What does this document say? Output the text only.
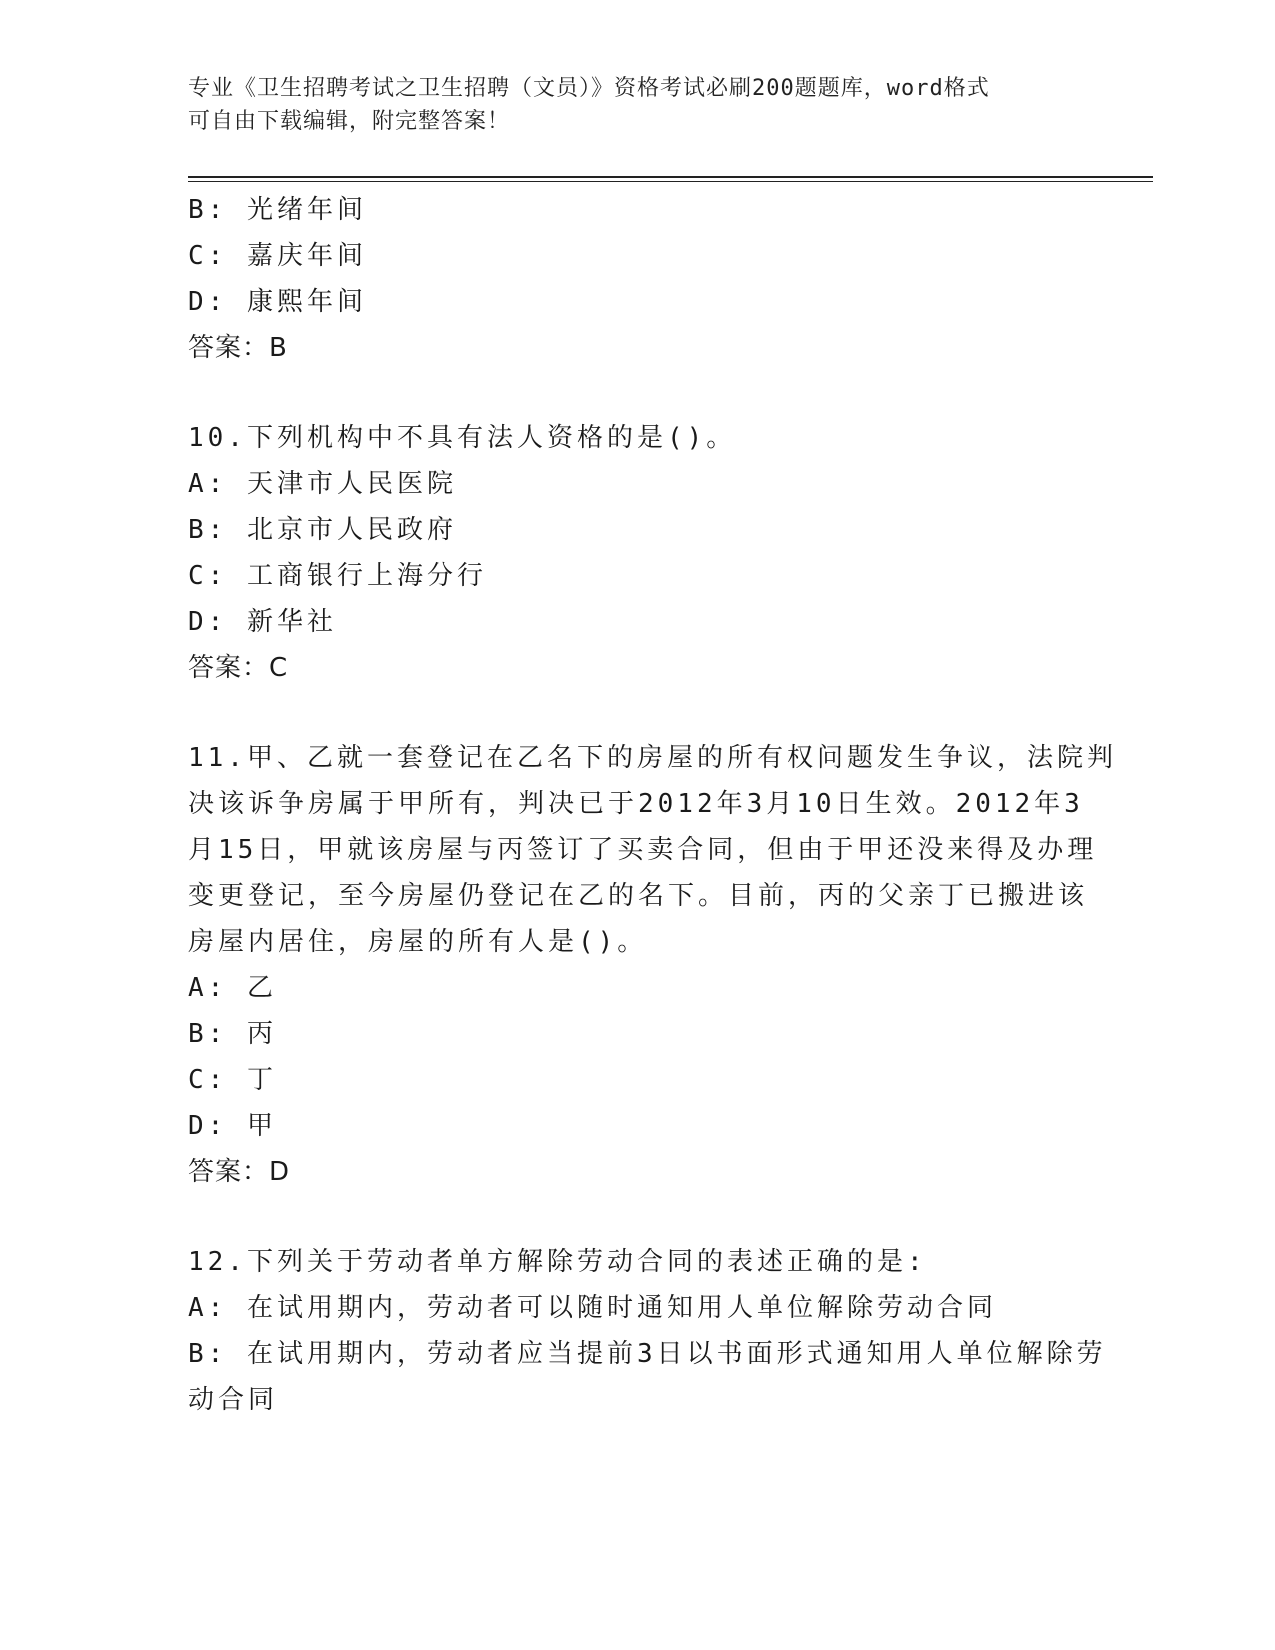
专业《卫生招聘考试之卫生招聘（文员）》资格考试必刷200题题库，word格式
可自由下载编辑，附完整答案！
B: 光绪年间
C: 嘉庆年间
D: 康熙年间
答案：B
10.下列机构中不具有法人资格的是()。
A: 天津市人民医院
B: 北京市人民政府
C: 工商银行上海分行
D: 新华社
答案：C
11.甲、乙就一套登记在乙名下的房屋的所有权问题发生争议，法院判
决该诉争房属于甲所有，判决已于2012年3月10日生效。2012年3
月15日，甲就该房屋与丙签订了买卖合同，但由于甲还没来得及办理
变更登记，至今房屋仍登记在乙的名下。目前，丙的父亲丁已搬进该
房屋内居住，房屋的所有人是()。
A: 乙
B: 丙
C: 丁
D: 甲
答案：D
12.下列关于劳动者单方解除劳动合同的表述正确的是:
A: 在试用期内，劳动者可以随时通知用人单位解除劳动合同
B: 在试用期内，劳动者应当提前3日以书面形式通知用人单位解除劳
动合同
